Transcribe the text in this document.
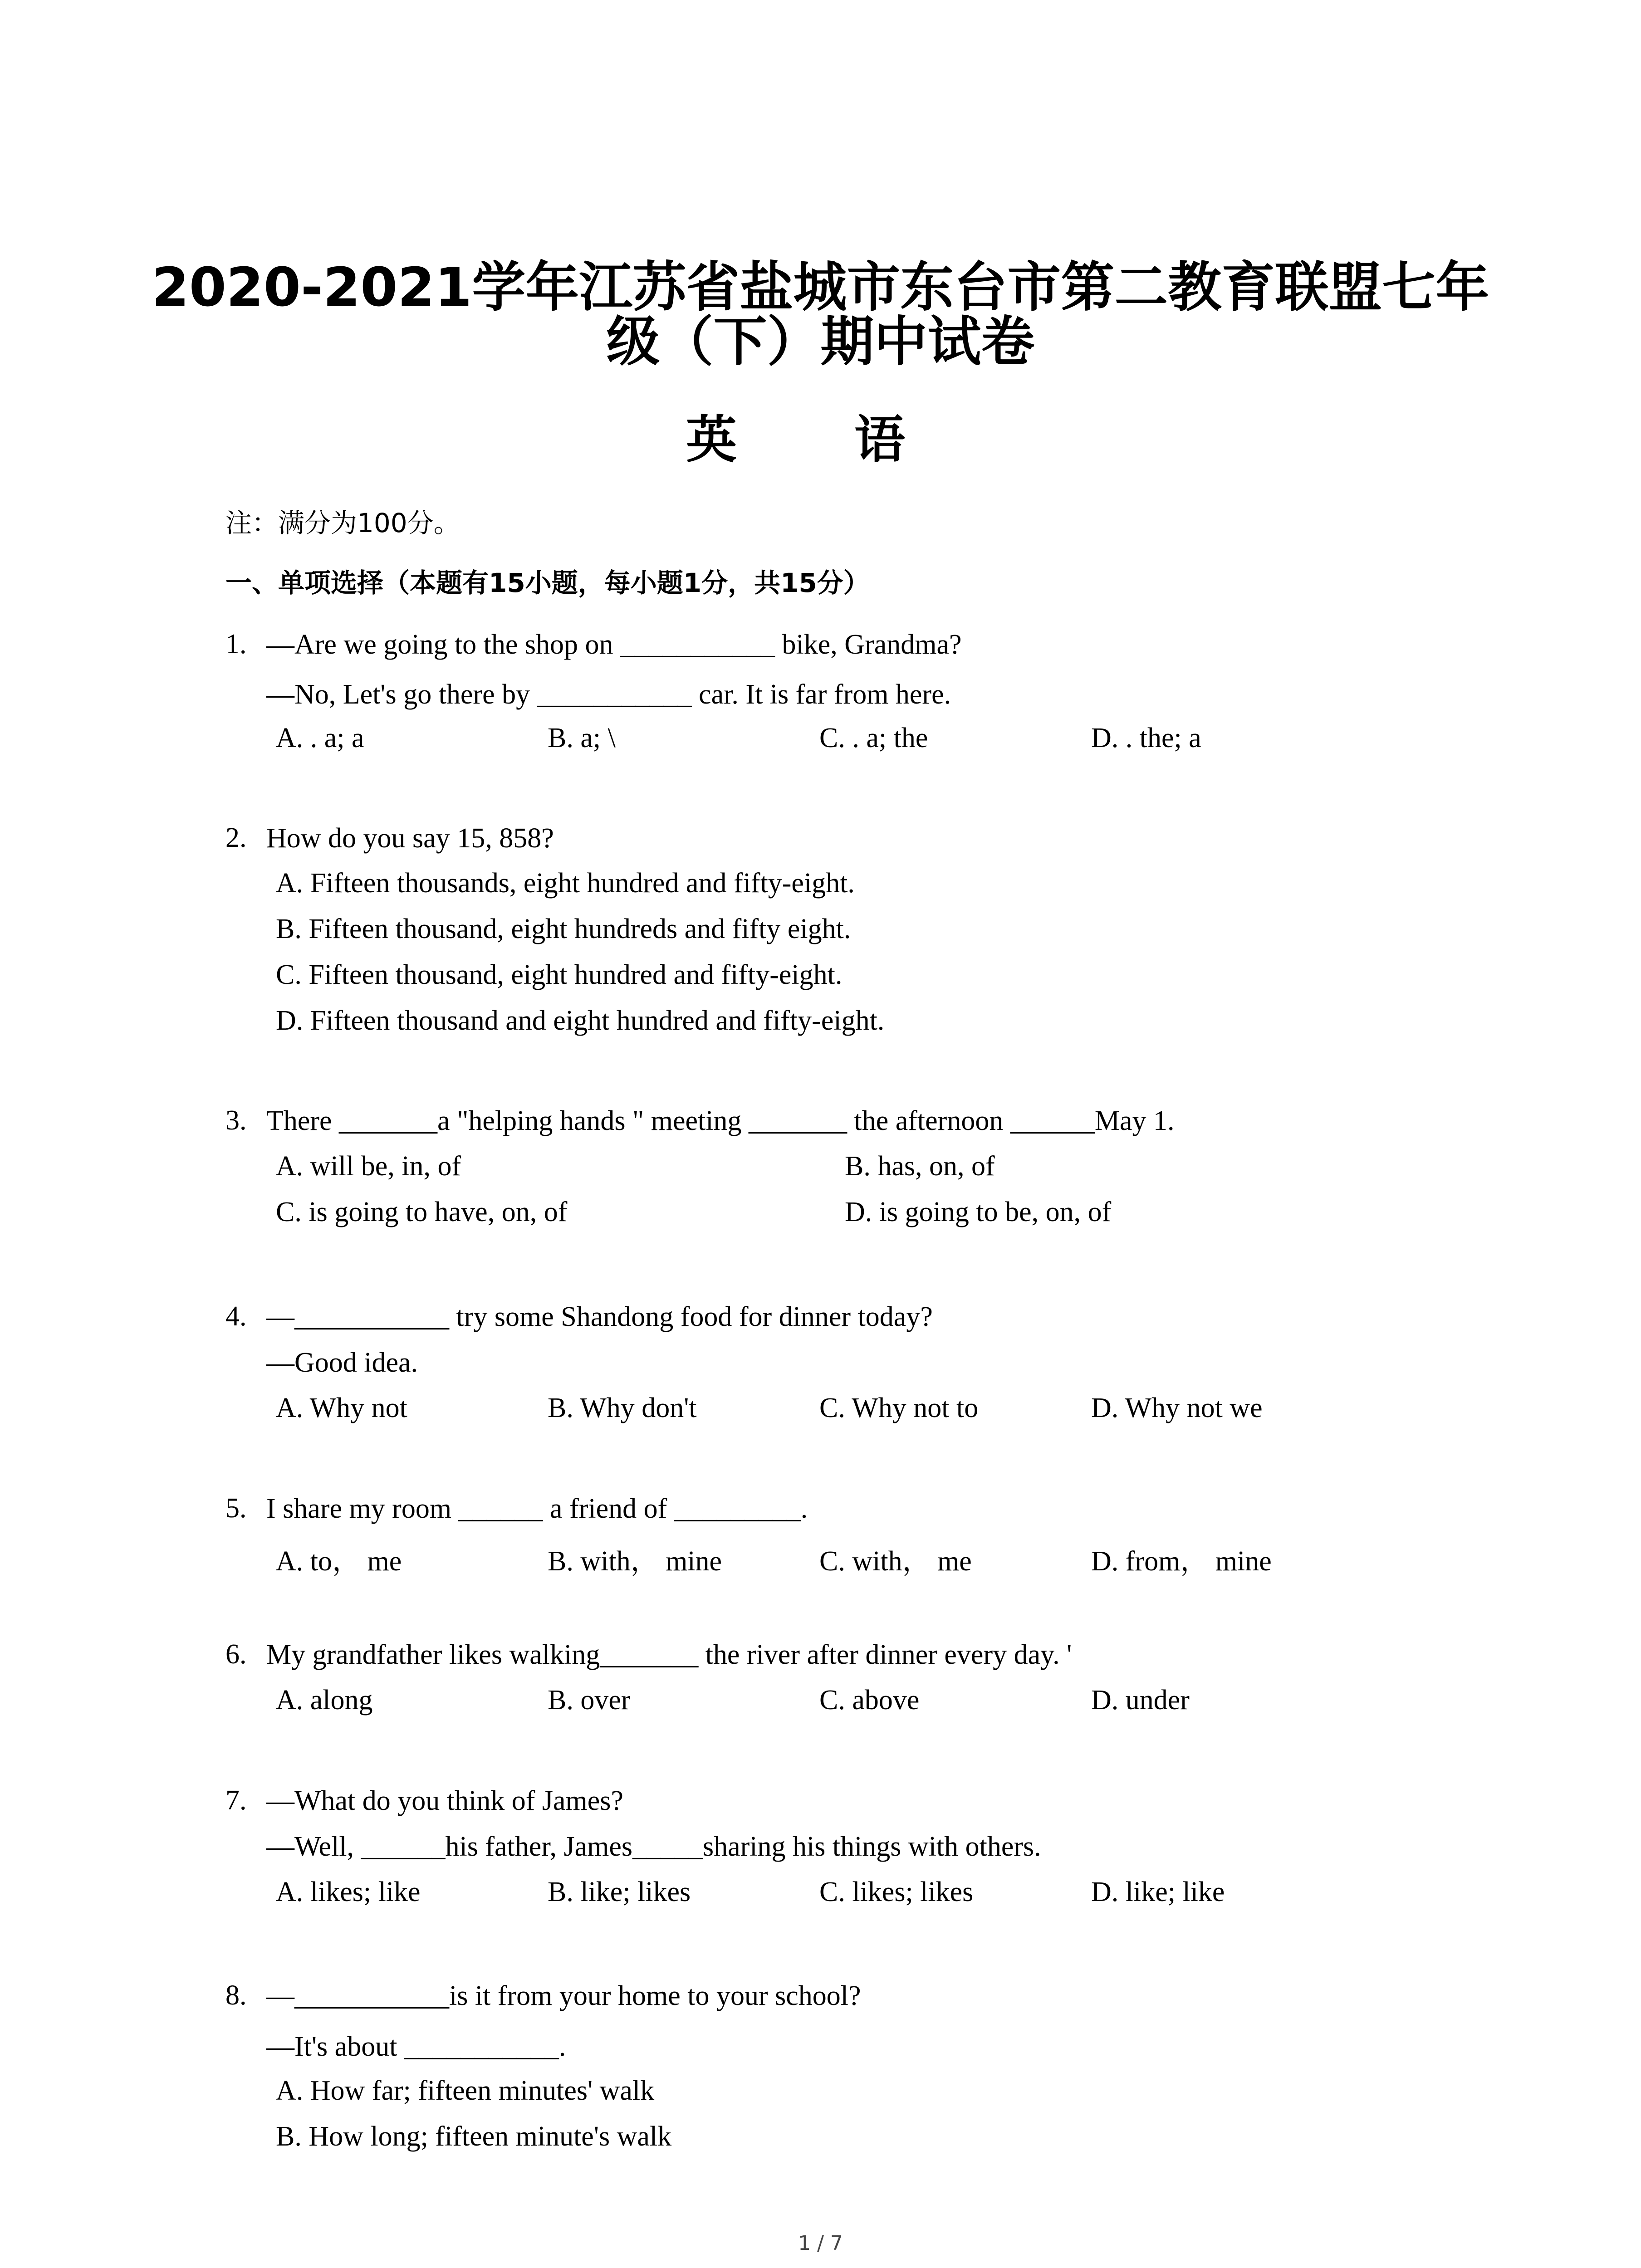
2020-2021学年江苏省盐城市东台市第二教育联盟七年
级（下）期中试卷
英 语
注：满分为100分。
一、单项选择（本题有15小题，每小题1分，共15分）
1. —Are we going to the shop on ___________ bike, Grandma?
—No, Let's go there by ___________ car. It is far from here.
A. . a; a	B. a; \	C. . a; the	D. . the; a
2. How do you say 15, 858?
A. Fifteen thousands, eight hundred and fifty-eight.
B. Fifteen thousand, eight hundreds and fifty eight.
C. Fifteen thousand, eight hundred and fifty-eight.
D. Fifteen thousand and eight hundred and fifty-eight.
3. There _______a "helping hands " meeting _______ the afternoon ______May 1.
A. will be, in, of	B. has, on, of
C. is going to have, on, of	D. is going to be, on, of
4. —___________ try some Shandong food for dinner today?
—Good idea.
A. Why not	B. Why don't	C. Why not to	D. Why not we
5. I share my room ______ a friend of _________.
A. to， me	B. with， mine	C. with， me	D. from， mine
6. My grandfather likes walking_______ the river after dinner every day. '
A. along	B. over	C. above	D. under
7. —What do you think of James?
—Well, ______his father, James_____sharing his things with others.
A. likes; like	B. like; likes	C. likes; likes	D. like; like
8. —___________is it from your home to your school?
—It's about ___________.
A. How far; fifteen minutes' walk
B. How long; fifteen minute's walk
1 / 7
